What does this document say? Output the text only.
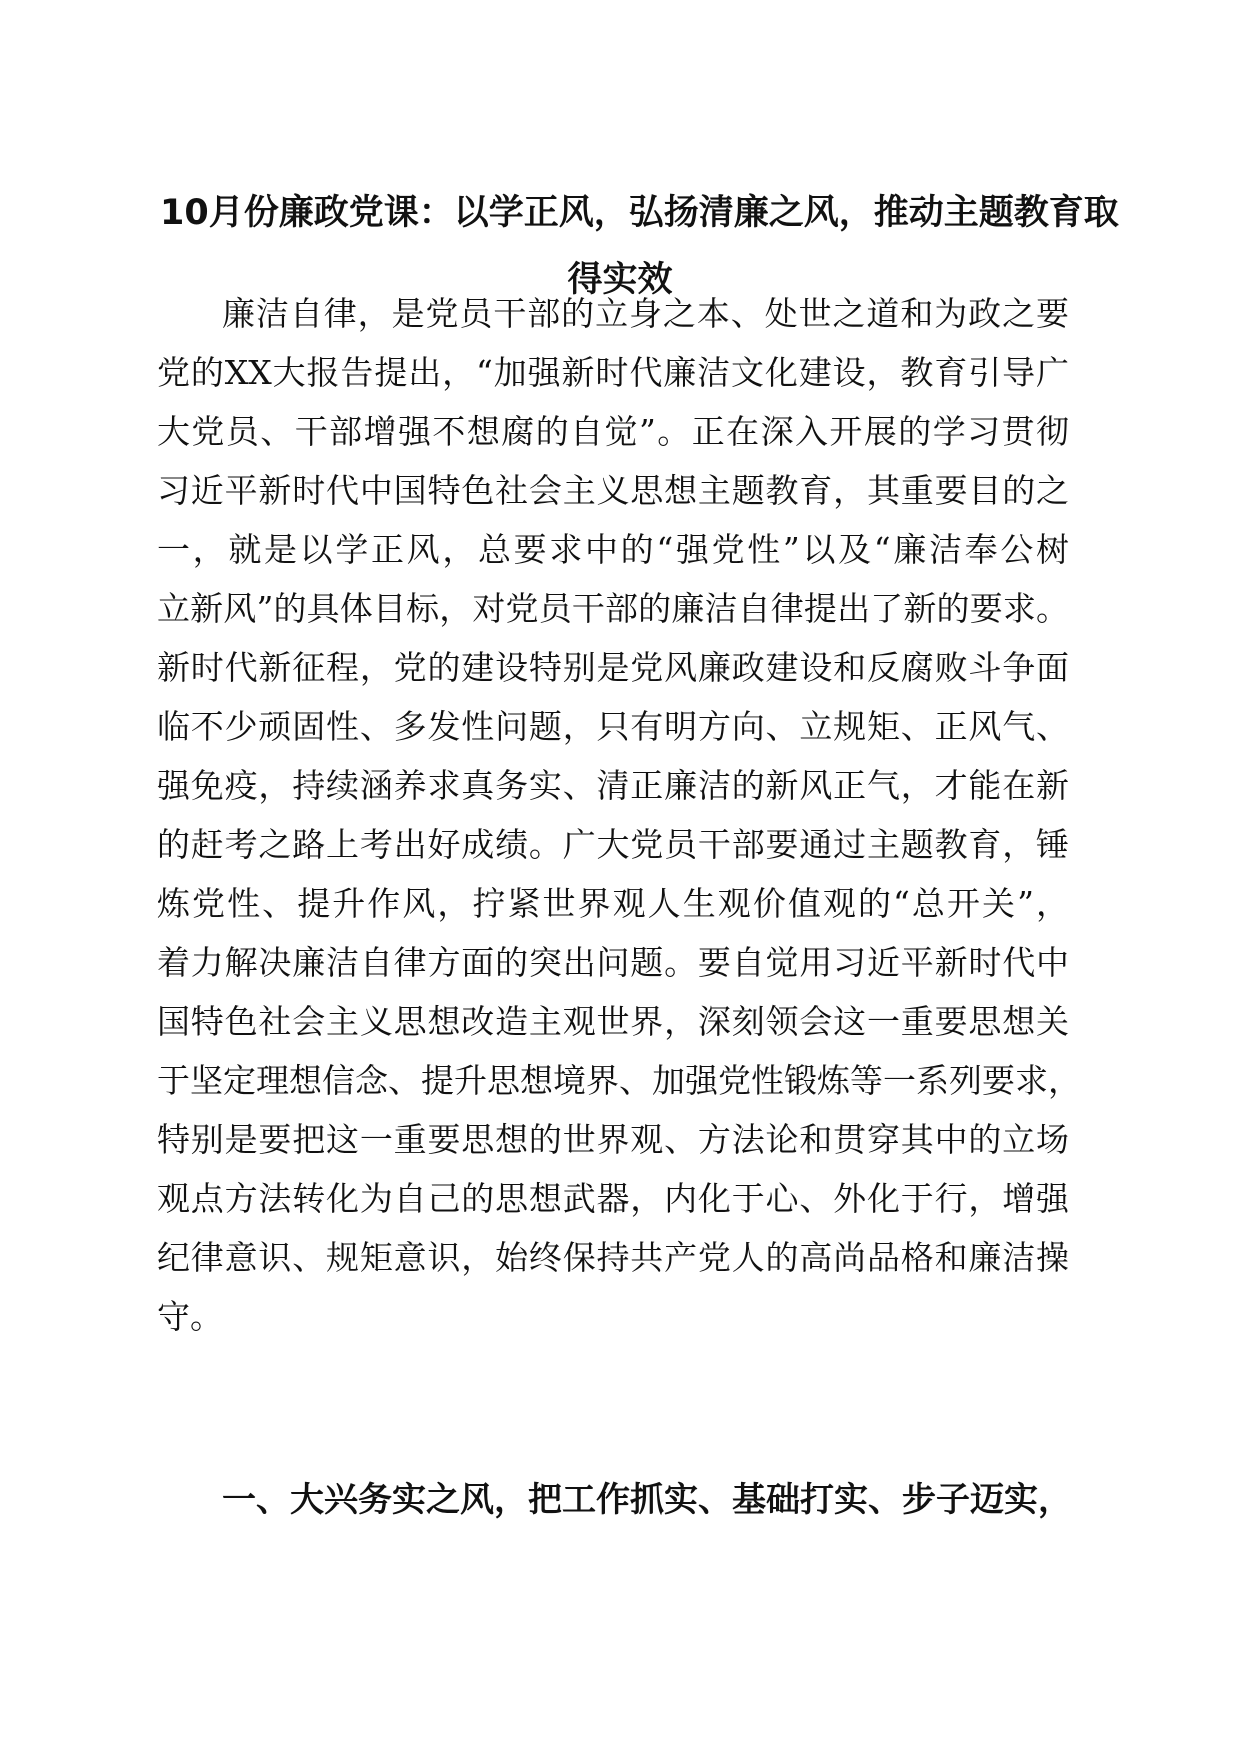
10月份廉政党课：以学正风，弘扬清廉之风，推动主题教育取
得实效
廉洁自律，是党员干部的立身之本、处世之道和为政之要
党的XX大报告提出，“加强新时代廉洁文化建设，教育引导广
大党员、干部增强不想腐的自觉”。正在深入开展的学习贯彻
习近平新时代中国特色社会主义思想主题教育，其重要目的之
一，就是以学正风，总要求中的“强党性”以及“廉洁奉公树
立新风”的具体目标，对党员干部的廉洁自律提出了新的要求。
新时代新征程，党的建设特别是党风廉政建设和反腐败斗争面
临不少顽固性、多发性问题，只有明方向、立规矩、正风气、
强免疫，持续涵养求真务实、清正廉洁的新风正气，才能在新
的赶考之路上考出好成绩。广大党员干部要通过主题教育，锤
炼党性、提升作风，拧紧世界观人生观价值观的“总开关”，
着力解决廉洁自律方面的突出问题。要自觉用习近平新时代中
国特色社会主义思想改造主观世界，深刻领会这一重要思想关
于坚定理想信念、提升思想境界、加强党性锻炼等一系列要求，
特别是要把这一重要思想的世界观、方法论和贯穿其中的立场
观点方法转化为自己的思想武器，内化于心、外化于行，增强
纪律意识、规矩意识，始终保持共产党人的高尚品格和廉洁操
守。
一、大兴务实之风，把工作抓实、基础打实、步子迈实，
